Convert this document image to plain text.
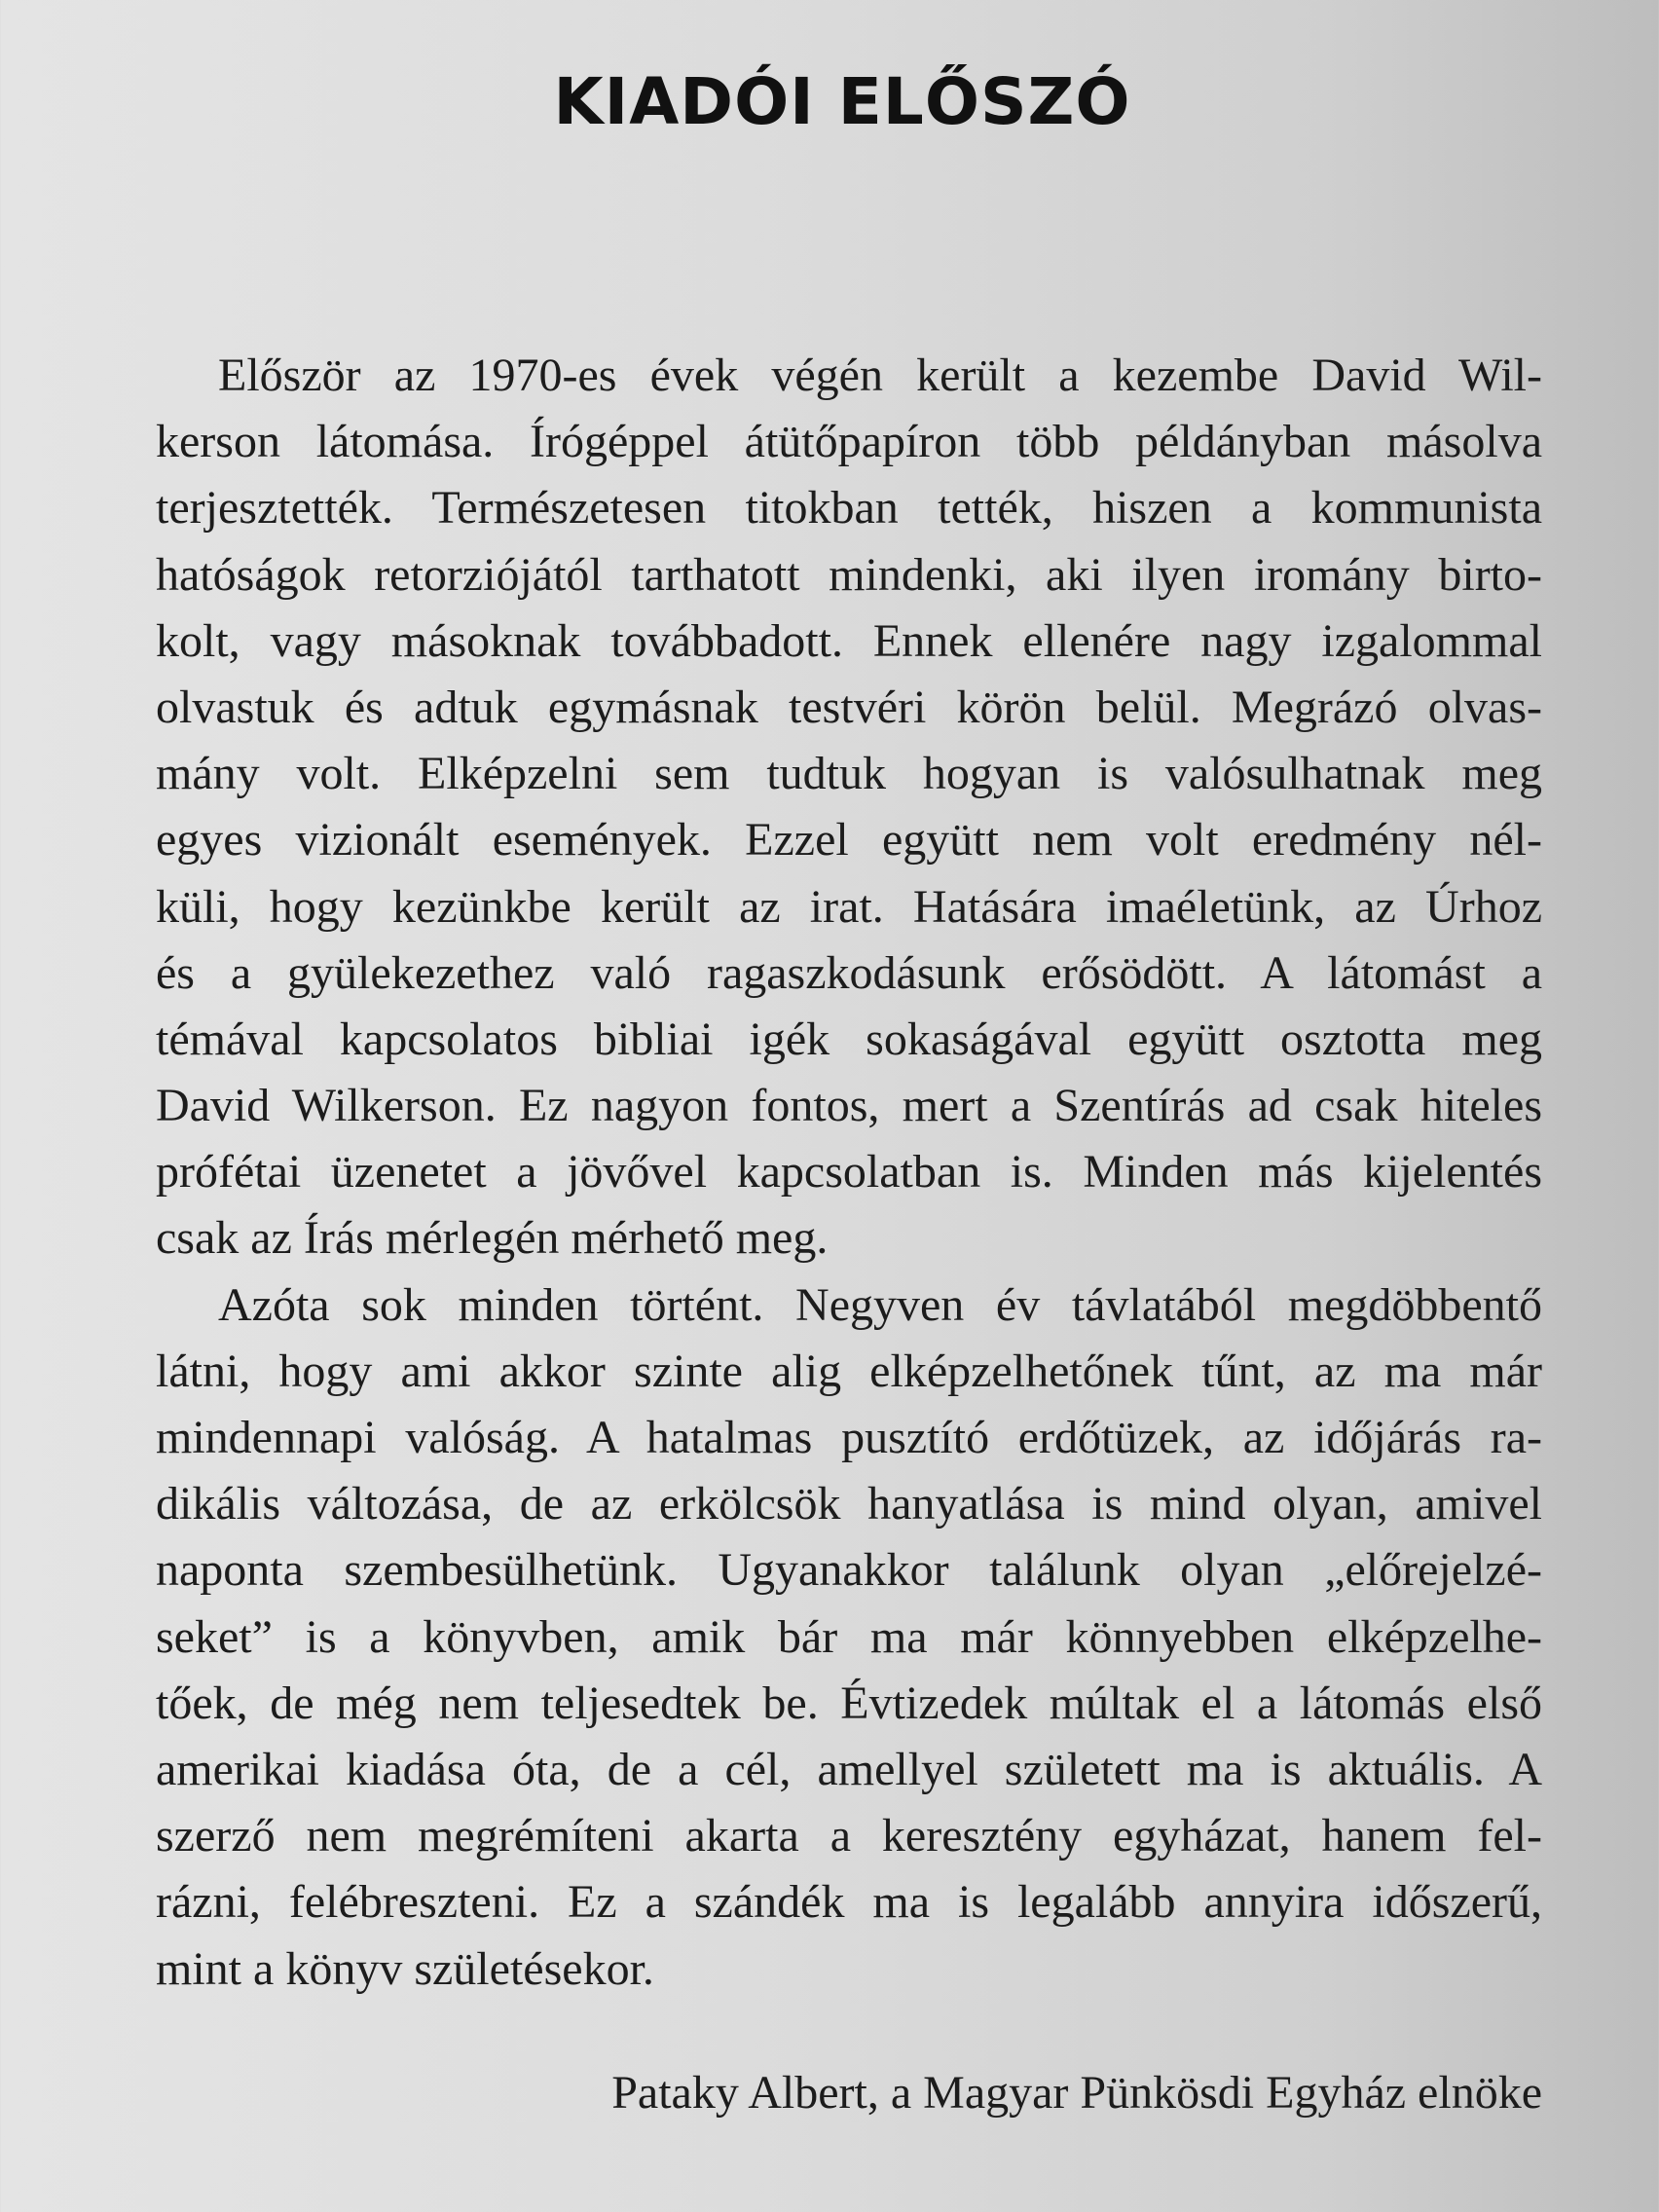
KIADÓI ELŐSZÓ
Először az 1970-es évek végén került a kezembe David Wil-
kerson látomása. Írógéppel átütőpapíron több példányban másolva
terjesztették. Természetesen titokban tették, hiszen a kommunista
hatóságok retorziójától tarthatott mindenki, aki ilyen iromány birto-
kolt, vagy másoknak továbbadott. Ennek ellenére nagy izgalommal
olvastuk és adtuk egymásnak testvéri körön belül. Megrázó olvas-
mány volt. Elképzelni sem tudtuk hogyan is valósulhatnak meg
egyes vizionált események. Ezzel együtt nem volt eredmény nél-
küli, hogy kezünkbe került az irat. Hatására imaéletünk, az Úrhoz
és a gyülekezethez való ragaszkodásunk erősödött. A látomást a
témával kapcsolatos bibliai igék sokaságával együtt osztotta meg
David Wilkerson. Ez nagyon fontos, mert a Szentírás ad csak hiteles
prófétai üzenetet a jövővel kapcsolatban is. Minden más kijelentés
csak az Írás mérlegén mérhető meg.
Azóta sok minden történt. Negyven év távlatából megdöbbentő
látni, hogy ami akkor szinte alig elképzelhetőnek tűnt, az ma már
mindennapi valóság. A hatalmas pusztító erdőtüzek, az időjárás ra-
dikális változása, de az erkölcsök hanyatlása is mind olyan, amivel
naponta szembesülhetünk. Ugyanakkor találunk olyan „előrejelzé-
seket” is a könyvben, amik bár ma már könnyebben elképzelhe-
tőek, de még nem teljesedtek be. Évtizedek múltak el a látomás első
amerikai kiadása óta, de a cél, amellyel született ma is aktuális. A
szerző nem megrémíteni akarta a keresztény egyházat, hanem fel-
rázni, felébreszteni. Ez a szándék ma is legalább annyira időszerű,
mint a könyv születésekor.
Pataky Albert, a Magyar Pünkösdi Egyház elnöke
